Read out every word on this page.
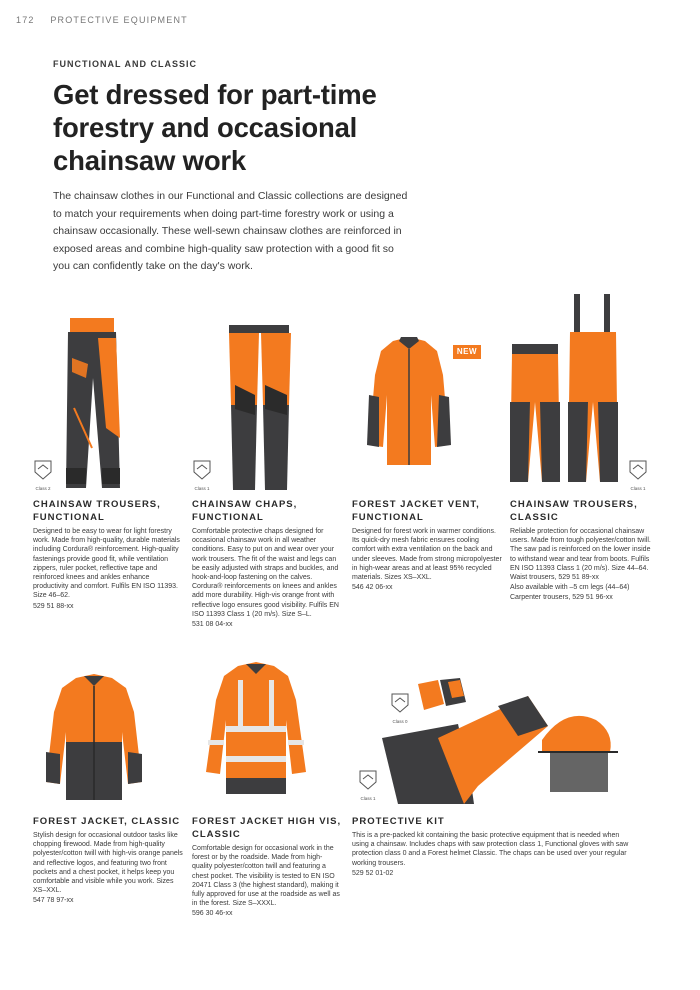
172 PROTECTIVE EQUIPMENT
FUNCTIONAL AND CLASSIC
Get dressed for part-time
forestry and occasional
chainsaw work

The chainsaw clothes in our Functional and Classic collections are designed to match your requirements when doing part-time forestry work or using a chainsaw occasionally. These well-sewn chainsaw clothes are reinforced in exposed areas and combine high-quality saw protection with a good fit so you can confidently take on the day's work.

NEW
Class 2	Class 1	Class 1
CHAINSAW TROUSERS,
FUNCTIONAL
Designed to be easy to wear for light forestry work. Made from high-quality, durable materials including Cordura® reinforcement. High-quality fastenings provide good fit, while ventilation zippers, ruler pocket, reflective tape and reinforced knees and ankles enhance productivity and comfort. Fulfils EN ISO 11393. Size 46–62.
529 51 88-xx
CHAINSAW CHAPS,
FUNCTIONAL
Comfortable protective chaps designed for occasional chainsaw work in all weather conditions. Easy to put on and wear over your work trousers. The fit of the waist and legs can be easily adjusted with straps and buckles, and hook-and-loop fastening on the calves. Cordura® reinforcements on knees and ankles add more durability. High-vis orange front with reflective logo ensures good visibility. Fulfils EN ISO 11393 Class 1 (20 m/s). Size S–L.
531 08 04-xx
FOREST JACKET VENT,
FUNCTIONAL
Designed for forest work in warmer conditions. Its quick-dry mesh fabric ensures cooling comfort with extra ventilation on the back and under sleeves. Made from strong micropolyester in high-wear areas and at least 95% recycled materials. Sizes XS–XXL.
546 42 06-xx
CHAINSAW TROUSERS,
CLASSIC
Reliable protection for occasional chainsaw users. Made from tough polyester/cotton twill. The saw pad is reinforced on the lower inside to withstand wear and tear from boots. Fulfils EN ISO 11393 Class 1 (20 m/s). Size 44–64.
Waist trousers, 529 51 89-xx
Also available with –5 cm legs (44–64)
Carpenter trousers, 529 51 96-xx
Class 0
Class 1
FOREST JACKET, CLASSIC
Stylish design for occasional outdoor tasks like chopping firewood. Made from high-quality polyester/cotton twill with high-vis orange panels and reflective logos, and featuring two front pockets and a chest pocket, it helps keep you comfortable and visible while you work. Sizes XS–XXL.
547 78 97-xx
FOREST JACKET HIGH VIS,
CLASSIC
Comfortable design for occasional work in the forest or by the roadside. Made from high-quality polyester/cotton twill and featuring a chest pocket. The visibility is tested to EN ISO 20471 Class 3 (the highest standard), making it fully approved for use at the roadside as well as in the forest. Size S–XXXL.
596 30 46-xx
PROTECTIVE KIT
This is a pre-packed kit containing the basic protective equipment that is needed when using a chainsaw. Includes chaps with saw protection class 1, Functional gloves with saw protection class 0 and a Forest helmet Classic. The chaps can be used over your regular working trousers.
529 52 01-02
